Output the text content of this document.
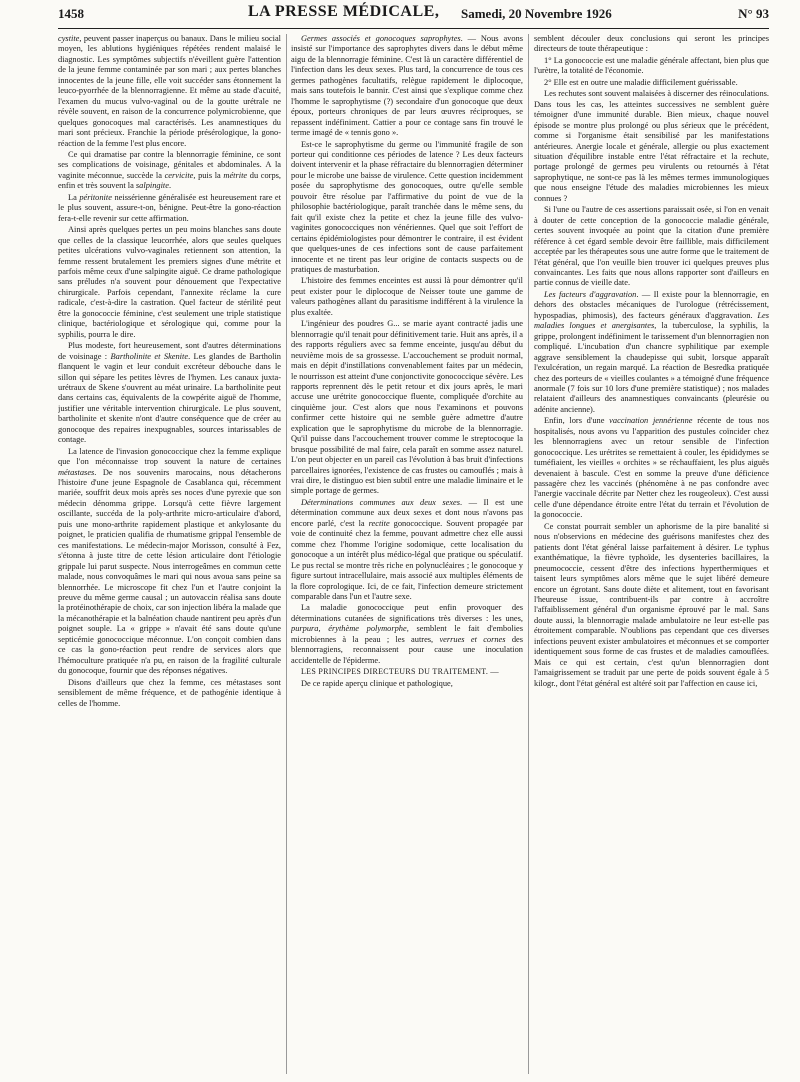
1458	LA PRESSE MÉDICALE, Samedi, 20 Novembre 1926	N° 93

cystite, peuvent passer inaperçus ou banaux. Dans le milieu social moyen, les ablutions hygiéniques répétées rendent malaisé le diagnostic. Les symptômes subjectifs n'éveillent guère l'attention de la jeune femme contaminée par son mari ; aux pertes blanches innocentes de la jeune fille, elle voit succéder sans étonnement la leuco-pyorrhée de la blennorragienne. Et même au stade d'acuité, l'examen du mucus vulvo-vaginal ou de la goutte urétrale ne révèle souvent, en raison de la concurrence polymicrobienne, que quelques gonocoques mal caractérisés. Les anamnestiques du mari sont précieux. Franchie la période présérologique, la gono-réaction de la femme l'est plus encore.

Ce qui dramatise par contre la blennorragie féminine, ce sont ses complications de voisinage, génitales et abdominales. A la vaginite méconnue, succède la cervicite, puis la métrite du corps, enfin et très souvent la salpingite.

La péritonite neissérienne généralisée est heureusement rare et le plus souvent, assure-t-on, bénigne. Peut-être la gono-réaction fera-t-elle revenir sur cette affirmation.

Ainsi après quelques pertes un peu moins blanches sans doute que celles de la classique leucorrhée, alors que seules quelques petites ulcérations vulvo-vaginales retiennent son attention, la femme ressent brutalement les premiers signes d'une métrite et parfois même ceux d'une salpingite aiguë. Ce drame pathologique sans préludes n'a souvent pour dénouement que l'expectative chirurgicale. Parfois cependant, l'annexite réclame la cure radicale, c'est-à-dire la castration. Quel facteur de stérilité peut être la gonococcie féminine, c'est seulement une triple statistique clinique, bactériologique et sérologique qui, comme pour la syphilis, pourra le dire.

Plus modeste, fort heureusement, sont d'autres déterminations de voisinage : Bartholinite et Skenite. Les glandes de Bartholin flanquent le vagin et leur conduit excréteur débouche dans le sillon qui sépare les petites lèvres de l'hymen. Les canaux juxta-urétraux de Skene s'ouvrent au méat urinaire. La bartholinite peut dans certains cas, équivalents de la cowpérite aiguë de l'homme, justifier une véritable intervention chirurgicale. Le plus souvent, bartholinite et skenite n'ont d'autre conséquence que de créer au gonocoque des repaires inexpugnables, sources intarissables de contage.

La latence de l'invasion gonococcique chez la femme explique que l'on méconnaisse trop souvent la nature de certaines métastases. De nos souvenirs marocains, nous détacherons l'histoire d'une jeune Espagnole de Casablanca qui, récemment mariée, souffrit deux mois après ses noces d'une pyrexie que son médecin dénomma grippe. Lorsqu'à cette fièvre largement oscillante, succéda de la poly-arthrite micro-articulaire d'abord, puis une mono-arthrite rapidement plastique et ankylosante du poignet, le praticien qualifia de rhumatisme grippal l'ensemble de ces manifestations. Le médecin-major Morisson, consulté à Fez, s'étonna à juste titre de cette lésion articulaire dont l'étiologie grippale lui parut suspecte. Nous interrogeâmes en commun cette malade, nous convoquâmes le mari qui nous avoua sans peine sa blennorrhée. Le microscope fit chez l'un et l'autre conjoint la preuve du même germe causal ; un autovaccin réalisa sans doute la protéinothérapie de choix, car son injection libéra la malade que la mécanothérapie et la balnéation chaude nantirent peu après d'un poignet souple. La « grippe » n'avait été sans doute qu'une septicémie gonococcique méconnue. L'on conçoit combien dans ce cas la gono-réaction peut rendre de services alors que l'hémoculture pratiquée n'a pu, en raison de la fragilité culturale du gonocoque, fournir que des réponses négatives.

Disons d'ailleurs que chez la femme, ces métastases sont sensiblement de même fréquence, et de pathogénie identique à celles de l'homme.

Germes associés et gonocoques saprophytes. — Nous avons insisté sur l'importance des saprophytes divers dans le début même aigu de la blennorragie féminine. C'est là un caractère différentiel de l'infection dans les deux sexes. Plus tard, la concurrence de tous ces germes pathogènes facultatifs, relègue rapidement le diplocoque, mais sans toutefois le bannir. C'est ainsi que s'explique comme chez l'homme le saprophytisme (?) secondaire d'un gonocoque que deux époux, porteurs chroniques de par leurs œuvres réciproques, se repassent indéfiniment. Cattier a pour ce contage sans fin trouvé le terme imagé de « tennis gono ».

Est-ce le saprophytisme du germe ou l'immunité fragile de son porteur qui conditionne ces périodes de latence ? Les deux facteurs doivent intervenir et la phase réfractaire du blennorragien déterminer pour le microbe une baisse de virulence. Cette question incidemment posée du saprophytisme des gonocoques, outre qu'elle semble pouvoir être résolue par l'affirmative du point de vue de la philosophie bactériologique, paraît tranchée dans le même sens, du fait qu'il existe chez la petite et chez la jeune fille des vulvo-vaginites gonococciques non vénériennes. Quel que soit l'effort de certains épidémiologistes pour démontrer le contraire, il est évident que quelques-unes de ces infections sont de cause parfaitement innocente et ne tirent pas leur origine de contacts suspects ou de pratiques de masturbation.

L'histoire des femmes enceintes est aussi là pour démontrer qu'il peut exister pour le diplocoque de Neisser toute une gamme de valeurs pathogènes allant du parasitisme indifférent à la virulence la plus exaltée.

L'ingénieur des poudres G... se marie ayant contracté jadis une blennorragie qu'il tenait pour définitivement tarie. Huit ans après, il a des rapports réguliers avec sa femme enceinte, jusqu'au début du neuvième mois de sa grossesse. L'accouchement se produit normal, mais en dépit d'instillations convenablement faites par un médecin, le nourrisson est atteint d'une conjonctivite gonococcique sévère. Les rapports reprennent dès le petit retour et dix jours après, le mari accuse une urétrite gonococcique fluente, compliquée d'orchite au cinquième jour. C'est alors que nous l'examinons et pouvons confirmer cette histoire qui ne semble guère admettre d'autre explication que le saprophytisme du microbe de la blennorragie. Qu'il puisse dans l'accouchement trouver comme le streptocoque la brusque possibilité de mal faire, cela paraît en somme assez naturel. L'on peut objecter en un pareil cas l'évolution à bas bruit d'infections parcellaires ignorées, l'existence de cas frustes ou camouflés ; mais à vrai dire, le distinguo est bien subtil entre une maladie liminaire et le simple portage de germes.

Déterminations communes aux deux sexes. — Il est une détermination commune aux deux sexes et dont nous n'avons pas encore parlé, c'est la rectite gonococcique. Souvent propagée par voie de continuité chez la femme, pouvant admettre chez elle aussi comme chez l'homme l'origine sodomique, cette localisation du gonocoque a un intérêt plus médico-légal que pratique ou spéculatif. Le pus rectal se montre très riche en polynucléaires ; le gonocoque y figure surtout intracellulaire, mais associé aux multiples éléments de la flore coprologique. Ici, de ce fait, l'infection demeure strictement comparable dans l'un et l'autre sexe.

La maladie gonococcique peut enfin provoquer des déterminations cutanées de significations très diverses : les unes, purpura, érythème polymorphe, semblent le fait d'embolies microbiennes à la peau ; les autres, verrues et cornes des blennorragiens, reconnaissent pour cause une inoculation accidentelle de l'épiderme.

LES PRINCIPES DIRECTEURS DU TRAITEMENT. —

De ce rapide aperçu clinique et pathologique,

semblent découler deux conclusions qui seront les principes directeurs de toute thérapeutique :

1° La gonococcie est une maladie générale affectant, bien plus que l'urètre, la totalité de l'économie.

2° Elle est en outre une maladie difficilement guérissable.

Les rechutes sont souvent malaisées à discerner des réinoculations. Dans tous les cas, les atteintes successives ne semblent guère témoigner d'une immunité durable. Bien mieux, chaque nouvel épisode se montre plus prolongé ou plus sérieux que le précédent, comme si l'organisme était sensibilisé par les manifestations antérieures. Anergie locale et générale, allergie ou plus exactement situation d'équilibre instable entre l'état réfractaire et la rechute, portage prolongé de germes peu virulents ou retournés à l'état saprophytique, ne sont-ce pas là les mêmes termes immunologiques que nous enseigne l'étude des maladies microbiennes les mieux connues ?

Si l'une ou l'autre de ces assertions paraissait osée, si l'on en venait à douter de cette conception de la gonococcie maladie générale, certes souvent invoquée au point que la citation d'une première référence à cet égard semble devoir être faillible, mais difficilement acceptée par les thérapeutes sous une autre forme que le traitement de l'état général, que l'on veuille bien trouver ici quelques preuves plus convaincantes. Les faits que nous allons rapporter sont d'ailleurs en partie connus de vieille date.

Les facteurs d'aggravation. — Il existe pour la blennorragie, en dehors des obstacles mécaniques de l'urologue (rétrécissement, hypospadias, phimosis), des facteurs généraux d'aggravation. Les maladies longues et anergisantes, la tuberculose, la syphilis, la grippe, prolongent indéfiniment le tarissement d'un blennorragien non compliqué. L'incubation d'un chancre syphilitique par exemple aggrave sensiblement la chaudepisse qui subit, lorsque apparaît l'exulcération, un regain marqué. La réaction de Besredka pratiquée chez des porteurs de « vieilles coulantes » a témoigné d'une fréquence anormale (7 fois sur 10 lors d'une première statistique) ; nos malades relataient d'ailleurs des anamnestiques convaincants (pleurésie ou adénite ancienne).

Enfin, lors d'une vaccination jennérienne récente de tous nos hospitalisés, nous avons vu l'apparition des pustules coïncider chez les blennorragiens avec un retour sensible de l'infection gonococcique. Les urétrites se remettaient à couler, les épididymes se tuméfiaient, les vieilles « orchites » se réchauffaient, les plus aiguës devenaient à bascule. C'est en somme la preuve d'une déficience passagère chez les vaccinés (phénomène à ne pas confondre avec l'anergie vaccinale décrite par Netter chez les rougeoleux). C'est aussi celle d'une dépendance étroite entre l'état du terrain et l'évolution de la gonococcie.

Ce constat pourrait sembler un aphorisme de la pire banalité si nous n'observions en médecine des guérisons manifestes chez des patients dont l'état général laisse parfaitement à désirer. Le typhus exanthématique, la fièvre typhoïde, les dysenteries bacillaires, la pneumococcie, cessent d'être des infections hyperthermiques et taisent leurs symptômes alors même que le sujet libéré demeure encore un égrotant. Sans doute diète et alitement, tout en favorisant l'heureuse issue, contribuent-ils par contre à accroître l'affaiblissement général d'un organisme éprouvé par le mal. Sans doute aussi, la blennorragie malade ambulatoire ne leur est-elle pas étroitement comparable. N'oublions pas cependant que ces diverses infections peuvent exister ambulatoires et méconnues et se comporter identiquement sous forme de cas frustes et de maladies camouflées. Mais ce qui est certain, c'est qu'un blennorragien dont l'amaigrissement se traduit par une perte de poids souvent égale à 5 kilogr., dont l'état général est altéré soit par l'affection en cause ici,
